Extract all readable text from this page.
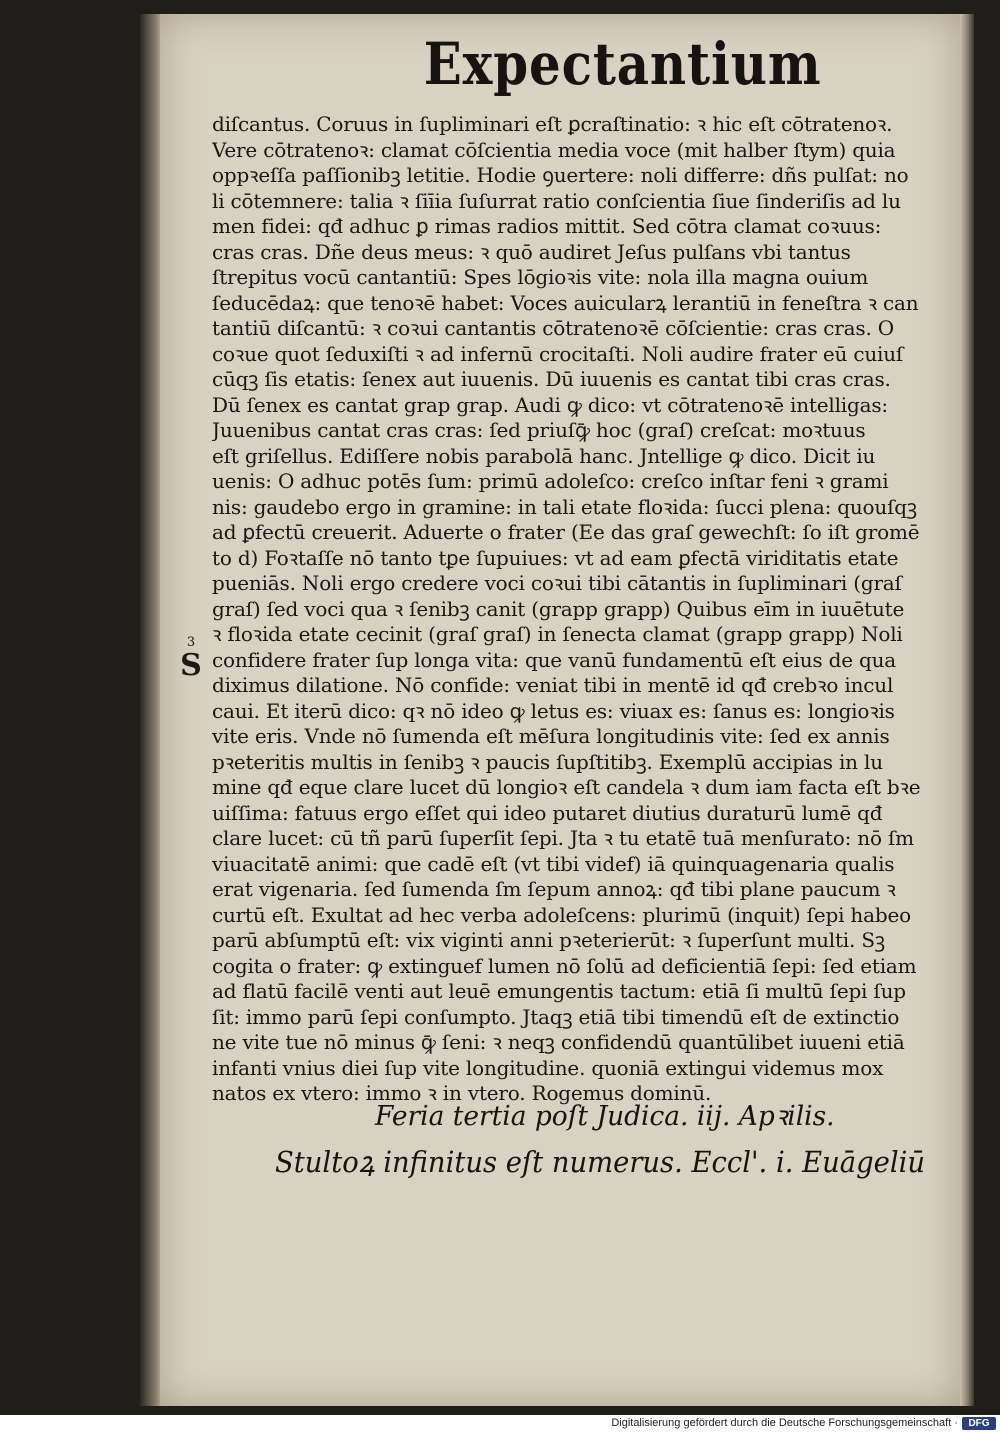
Expectantium
diſcantus. Coruus in ſupliminari eſt ꝑcraſtinatio: ꝛ hic eſt cōtratenoꝛ.
Vere cōtratenoꝛ: clamat cōſcientia media voce (mit halber ſtym) quia
oppꝛeſſa paſſionibꝫ letitie. Hodie ꝯuertere: noli differre: dñs pulſat: no
li cōtemnere: talia ꝛ ſiīia ſuſurrat ratio conſcientia ſiue ſinderiſis ad lu
men fidei: qđ adhuc ꝑ rimas radios mittit. Sed cōtra clamat coꝛuus:
cras cras. Dñe deus meus: ꝛ quō audiret Jeſus pulſans vbi tantus
ſtrepitus vocū cantantiū: Spes lōgioꝛis vite: nola illa magna ouium
ſeducēdaꝝ: que tenoꝛē habet: Voces auicularꝝ lerantiū in feneſtra ꝛ can
tantiū diſcantū: ꝛ coꝛui cantantis cōtratenoꝛē cōſcientie: cras cras. O
coꝛue quot ſeduxiſti ꝛ ad infernū crocitaſti. Noli audire frater eū cuiuſ
cūqꝫ ſis etatis: ſenex aut iuuenis. Dū iuuenis es cantat tibi cras cras.
Dū ſenex es cantat grap grap. Audi ꝙ dico: vt cōtratenoꝛē intelligas:
Juuenibus cantat cras cras: ſed priuſꝙ̄ hoc (graſ) creſcat: moꝛtuus
eſt griſellus. Ediſſere nobis parabolā hanc. Jntellige ꝙ dico. Dicit iu
uenis: O adhuc potēs ſum: primū adoleſco: creſco inſtar feni ꝛ grami
nis: gaudebo ergo in gramine: in tali etate floꝛida: ſucci plena: quouſqꝫ
ad ꝑfectū creuerit. Aduerte o frater (Ee das graſ gewechſt: ſo iſt gromē
to d) Foꝛtaſſe nō tanto tꝑe ſupuiues: vt ad eam ꝑfectā viriditatis etate
pueniās. Noli ergo credere voci coꝛui tibi cātantis in ſupliminari (graſ
graſ) ſed voci qua ꝛ ſenibꝫ canit (grapp grapp) Quibus eīm in iuuētute
ꝛ floꝛida etate cecinit (graſ graſ) in ſenecta clamat (grapp grapp) Noli
confidere frater ſup longa vita: que vanū fundamentū eſt eius de qua
diximus dilatione. Nō confide: veniat tibi in mentē id qđ crebꝛo incul
caui. Et iterū dico: qꝛ nō ideo ꝙ letus es: viuax es: ſanus es: longioꝛis
vite eris. Vnde nō ſumenda eſt mēſura longitudinis vite: ſed ex annis
pꝛeteritis multis in ſenibꝫ ꝛ paucis ſupſtitibꝫ. Exemplū accipias in lu
mine qđ eque clare lucet dū longioꝛ eſt candela ꝛ dum iam facta eſt bꝛe
uiſſima: fatuus ergo eſſet qui ideo putaret diutius duraturū lumē qđ
clare lucet: cū tñ parū ſuperſit ſepi. Jta ꝛ tu etatē tuā menſurato: nō ſm
viuacitatē animi: que cadē eſt (vt tibi videf) iā quinquagenaria qualis
erat vigenaria. ſed ſumenda ſm ſepum annoꝝ: qđ tibi plane paucum ꝛ
curtū eſt. Exultat ad hec verba adoleſcens: plurimū (inquit) ſepi habeo
parū abſumptū eſt: vix viginti anni pꝛeterierūt: ꝛ ſuperſunt multi. Sꝫ
cogita o frater: ꝙ extinguef lumen nō ſolū ad deficientiā ſepi: ſed etiam
ad flatū facilē venti aut leuē emungentis tactum: etiā ſi multū ſepi ſup
ſit: immo parū ſepi conſumpto. Jtaqꝫ etiā tibi timendū eſt de extinctio
ne vite tue nō minus ꝙ̄ ſeni: ꝛ neqꝫ confidendū quantūlibet iuueni etiā
infanti vnius diei ſup vite longitudine. quoniā extingui videmus mox
natos ex vtero: immo ꝛ in vtero. Rogemus dominū.
3
S
Feria tertia poſt Judica. iij. Apꝛilis.
Stultoꝝ infinitus eſt numerus. Eccl'. i. Euāgeliū
Digitalisierung gefördert durch die Deutsche Forschungsgemeinschaft ·	DFG
